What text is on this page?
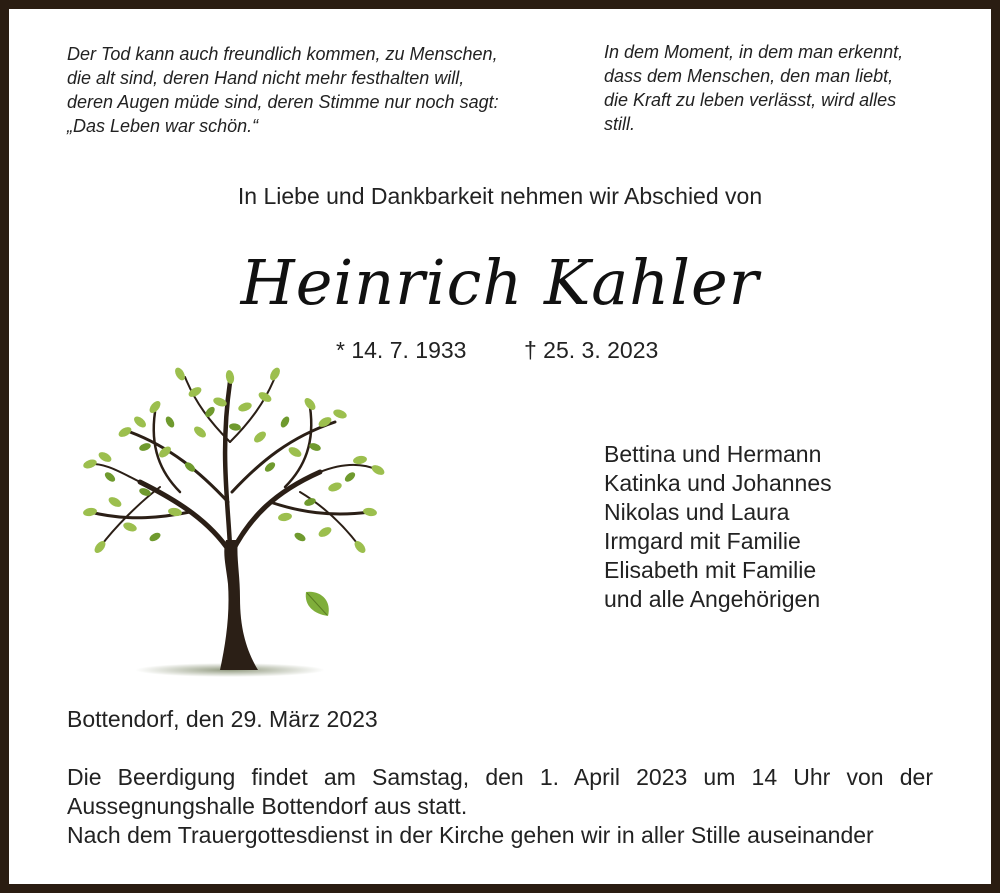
Der Tod kann auch freundlich kommen, zu Menschen,
die alt sind, deren Hand nicht mehr festhalten will,
deren Augen müde sind, deren Stimme nur noch sagt:
„Das Leben war schön.“
In dem Moment, in dem man erkennt,
dass dem Menschen, den man liebt,
die Kraft zu leben verlässt, wird alles
still.
In Liebe und Dankbarkeit nehmen wir Abschied von
Heinrich Kahler
* 14. 7. 1933	† 25. 3. 2023
Bettina und Hermann
Katinka und Johannes
Nikolas und Laura
Irmgard mit Familie
Elisabeth mit Familie
und alle Angehörigen
Bottendorf, den 29. März 2023
Die Beerdigung findet am Samstag, den 1. April 2023 um 14 Uhr von der
Aussegnungshalle Bottendorf aus statt.
Nach dem Trauergottesdienst in der Kirche gehen wir in aller Stille auseinander
